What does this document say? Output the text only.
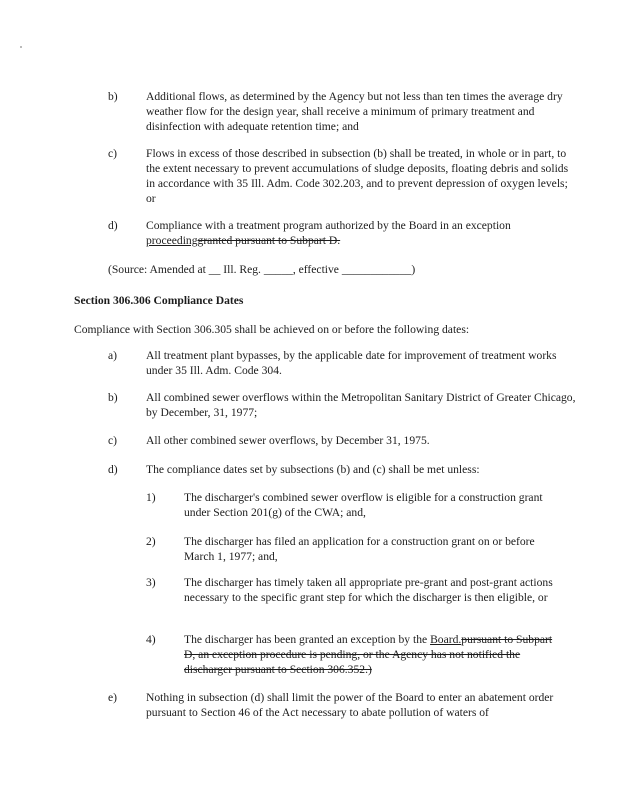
b) Additional flows, as determined by the Agency but not less than ten times the average dry weather flow for the design year, shall receive a minimum of primary treatment and disinfection with adequate retention time; and
c) Flows in excess of those described in subsection (b) shall be treated, in whole or in part, to the extent necessary to prevent accumulations of sludge deposits, floating debris and solids in accordance with 35 Ill. Adm. Code 302.203, and to prevent depression of oxygen levels; or
d) Compliance with a treatment program authorized by the Board in an exception proceedinggranted pursuant to Subpart D.
(Source: Amended at __ Ill. Reg. _____, effective ____________)
Section 306.306 Compliance Dates
Compliance with Section 306.305 shall be achieved on or before the following dates:
a) All treatment plant bypasses, by the applicable date for improvement of treatment works under 35 Ill. Adm. Code 304.
b) All combined sewer overflows within the Metropolitan Sanitary District of Greater Chicago, by December, 31, 1977;
c) All other combined sewer overflows, by December 31, 1975.
d) The compliance dates set by subsections (b) and (c) shall be met unless:
1) The discharger's combined sewer overflow is eligible for a construction grant under Section 201(g) of the CWA; and,
2) The discharger has filed an application for a construction grant on or before March 1, 1977; and,
3) The discharger has timely taken all appropriate pre-grant and post-grant actions necessary to the specific grant step for which the discharger is then eligible, or
4) The discharger has been granted an exception by the Board.pursuant to Subpart D, an exception procedure is pending, or the Agency has not notified the discharger pursuant to Section 306.352.)
e) Nothing in subsection (d) shall limit the power of the Board to enter an abatement order pursuant to Section 46 of the Act necessary to abate pollution of waters of
